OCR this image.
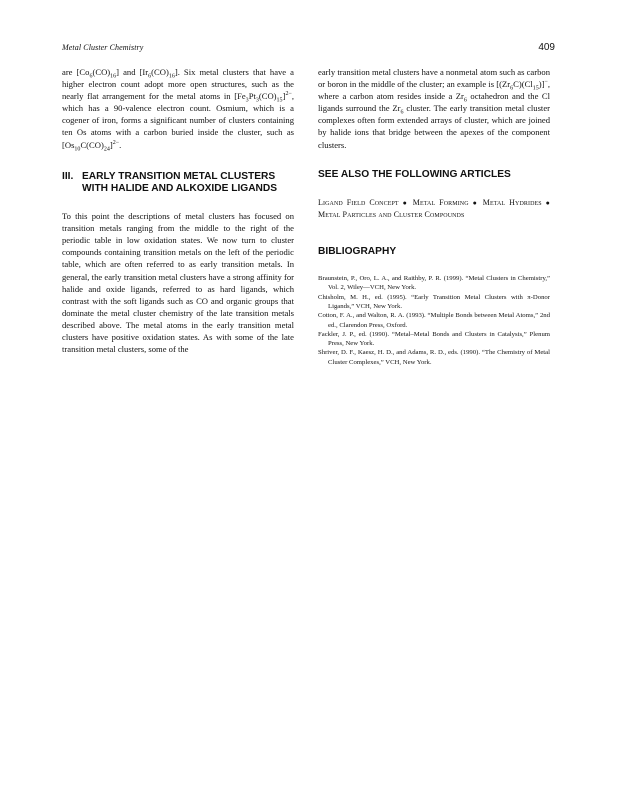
Metal Cluster Chemistry	409

are $[Co_6(CO)_{16}]$ and $[Ir_6(CO)_{16}]$. Six metal clusters that have a higher electron count adopt more open structures, such as the nearly flat arrangement for the metal atoms in $[Fe_3Pt_3(CO)_{15}]^{2-}$, which has a 90-valence electron count. Osmium, which is a cogener of iron, forms a significant number of clusters containing ten Os atoms with a carbon buried inside the cluster, such as $[Os_{10}C(CO)_{24}]^{2-}$.

III. EARLY TRANSITION METAL CLUSTERS WITH HALIDE AND ALKOXIDE LIGANDS

To this point the descriptions of metal clusters has focused on transition metals ranging from the middle to the right of the periodic table in low oxidation states. We now turn to cluster compounds containing transition metals on the left of the periodic table, which are often referred to as early transition metals. In general, the early transition metal clusters have a strong affinity for halide and oxide ligands, referred to as hard ligands, which contrast with the soft ligands such as CO and organic groups that dominate the metal cluster chemistry of the late transition metals described above. The metal atoms in the early transition metal clusters have positive oxidation states. As with some of the late transition metal clusters, some of the

early transition metal clusters have a nonmetal atom such as carbon or boron in the middle of the cluster; an example is $[(Zr_6C)(Cl_{15})]^-$, where a carbon atom resides inside a $Zr_6$ octahedron and the Cl ligands surround the $Zr_6$ cluster. The early transition metal cluster complexes often form extended arrays of cluster, which are joined by halide ions that bridge between the apexes of the component clusters.

SEE ALSO THE FOLLOWING ARTICLES

Ligand Field Concept ● Metal Forming ● Metal Hydrides ● Metal Particles and Cluster Compounds

BIBLIOGRAPHY
Braunstein, P., Oro, L. A., and Raithby, P. R. (1999). “Metal Clusters in Chemistry,” Vol. 2, Wiley—VCH, New York.
Chisholm, M. H., ed. (1995). “Early Transition Metal Clusters with π-Donor Ligands,” VCH, New York.
Cotton, F. A., and Walton, R. A. (1993). “Multiple Bonds between Metal Atoms,” 2nd ed., Clarendon Press, Oxford.
Fackler, J. P., ed. (1990). “Metal–Metal Bonds and Clusters in Catalysis,” Plenum Press, New York.
Shriver, D. F., Kaesz, H. D., and Adams, R. D., eds. (1990). “The Chemistry of Metal Cluster Complexes,” VCH, New York.
